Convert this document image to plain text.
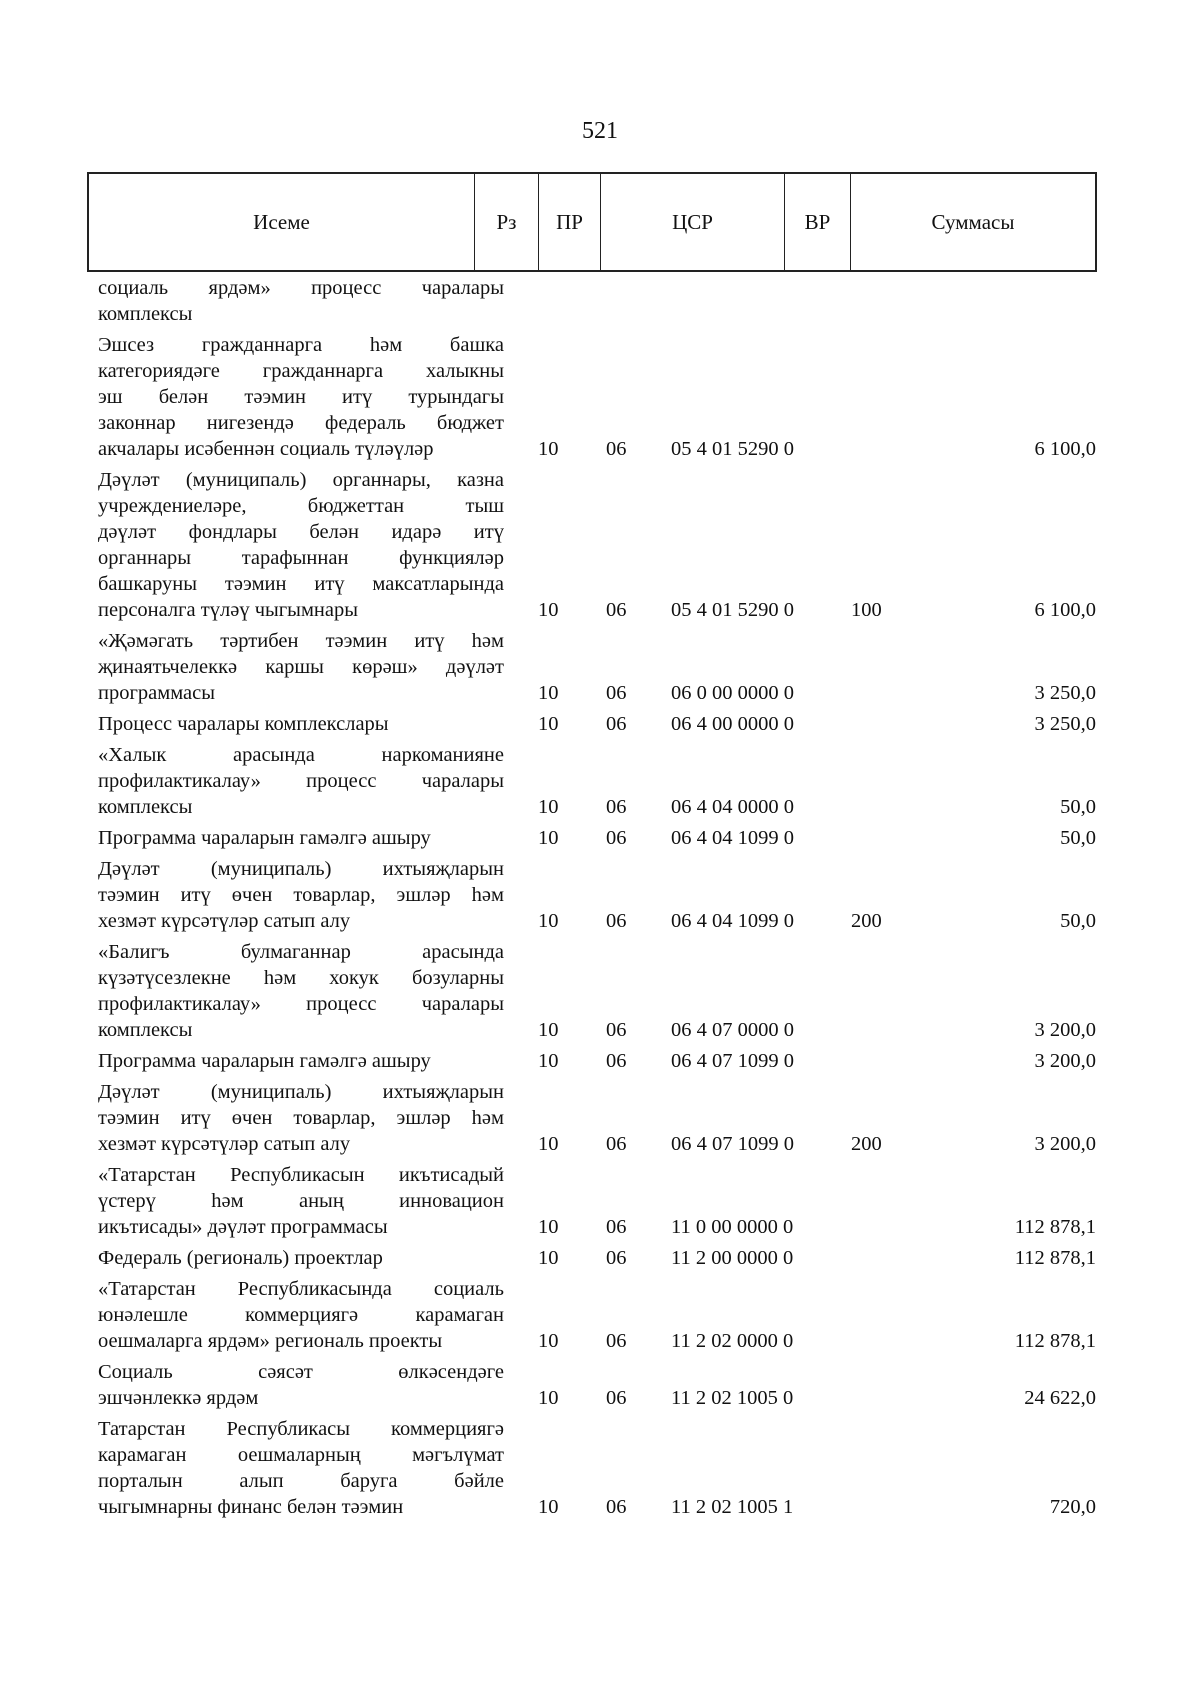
521
Исеме	Рз	ПР	ЦСР	ВР	Суммасы
социаль ярдәм» процесс чаралары
комплексы
Эшсез гражданнарга һәм башка
категориядәге гражданнарга халыкны
эш белән тәэмин итү турындагы
законнар нигезендә федераль бюджет
акчалары исәбеннән социаль түләүләр	10 06 05 4 01 5290 0	6 100,0
Дәүләт (муниципаль) органнары, казна
учреждениеләре, бюджеттан тыш
дәүләт фондлары белән идарә итү
органнары тарафыннан функцияләр
башкаруны тәэмин итү максатларында
персоналга түләү чыгымнары	10 06 05 4 01 5290 0	100	6 100,0
«Җәмәгать тәртибен тәэмин итү һәм
җинаятьчелеккә каршы көрәш» дәүләт
программасы	10 06 06 0 00 0000 0	3 250,0
Процесс чаралары комплекслары	10 06 06 4 00 0000 0	3 250,0
«Халык арасында наркоманияне
профилактикалау» процесс чаралары
комплексы	10 06 06 4 04 0000 0	50,0
Программа чараларын гамәлгә ашыру	10 06 06 4 04 1099 0	50,0
Дәүләт (муниципаль) ихтыяҗларын
тәэмин итү өчен товарлар, эшләр һәм
хезмәт күрсәтүләр сатып алу	10 06 06 4 04 1099 0	200	50,0
«Балигъ булмаганнар арасында
күзәтүсезлекне һәм хокук бозуларны
профилактикалау» процесс чаралары
комплексы	10 06 06 4 07 0000 0	3 200,0
Программа чараларын гамәлгә ашыру	10 06 06 4 07 1099 0	3 200,0
Дәүләт (муниципаль) ихтыяҗларын
тәэмин итү өчен товарлар, эшләр һәм
хезмәт күрсәтүләр сатып алу	10 06 06 4 07 1099 0	200	3 200,0
«Татарстан Республикасын икътисадый
үстерү һәм аның инновацион
икътисады» дәүләт программасы	10 06 11 0 00 0000 0	112 878,1
Федераль (региональ) проектлар	10 06 11 2 00 0000 0	112 878,1
«Татарстан Республикасында социаль
юнәлешле коммерциягә карамаган
оешмаларга ярдәм» региональ проекты	10 06 11 2 02 0000 0	112 878,1
Социаль сәясәт өлкәсендәге
эшчәнлеккә ярдәм	10 06 11 2 02 1005 0	24 622,0
Татарстан Республикасы коммерциягә
карамаган оешмаларның мәгълүмат
порталын алып баруга бәйле
чыгымнарны финанс белән тәэмин	10 06 11 2 02 1005 1	720,0
